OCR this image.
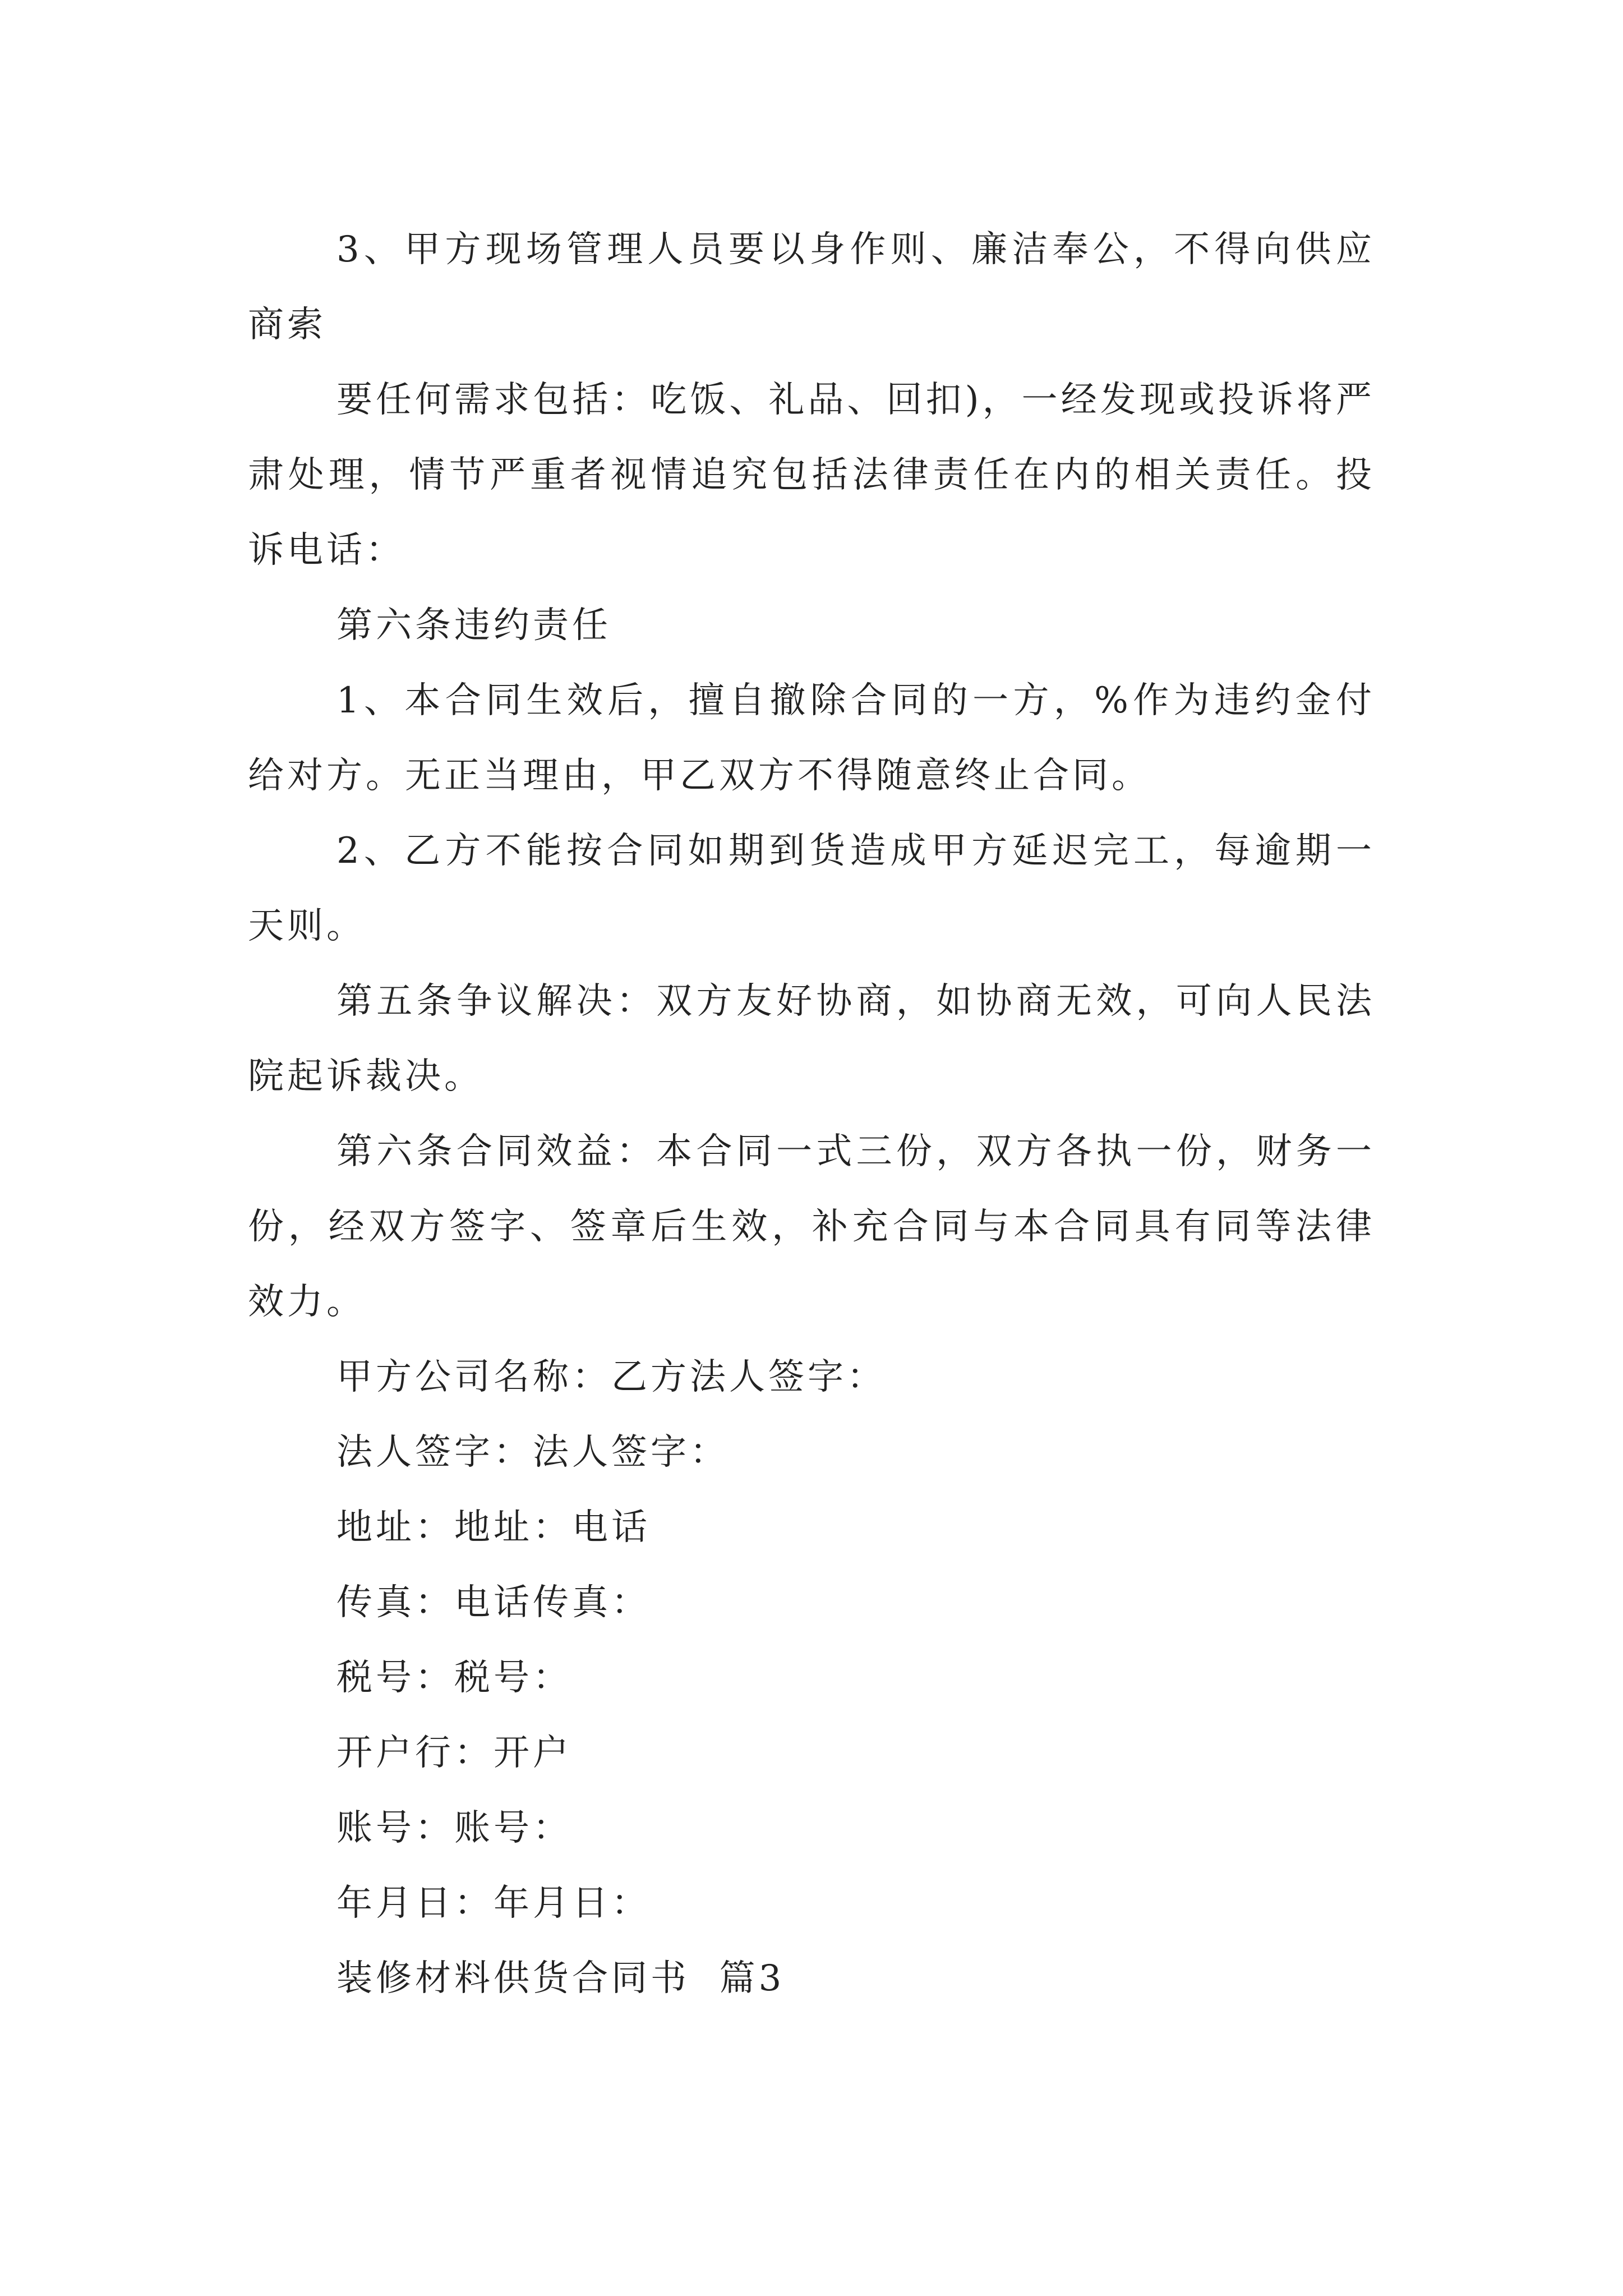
3、甲方现场管理人员要以身作则、廉洁奉公，不得向供应商索

要任何需求包括：吃饭、礼品、回扣)，一经发现或投诉将严肃处理，情节严重者视情追究包括法律责任在内的相关责任。投诉电话：

第六条违约责任

1、本合同生效后，擅自撤除合同的一方，%作为违约金付给对方。无正当理由，甲乙双方不得随意终止合同。

2、乙方不能按合同如期到货造成甲方延迟完工，每逾期一天则。

第五条争议解决：双方友好协商，如协商无效，可向人民法院起诉裁决。

第六条合同效益：本合同一式三份，双方各执一份，财务一份，经双方签字、签章后生效，补充合同与本合同具有同等法律效力。

甲方公司名称：乙方法人签字：

法人签字：法人签字：

地址：地址：电话

传真：电话传真：

税号：税号：

开户行：开户

账号：账号：

年月日：年月日：

装修材料供货合同书  篇3
